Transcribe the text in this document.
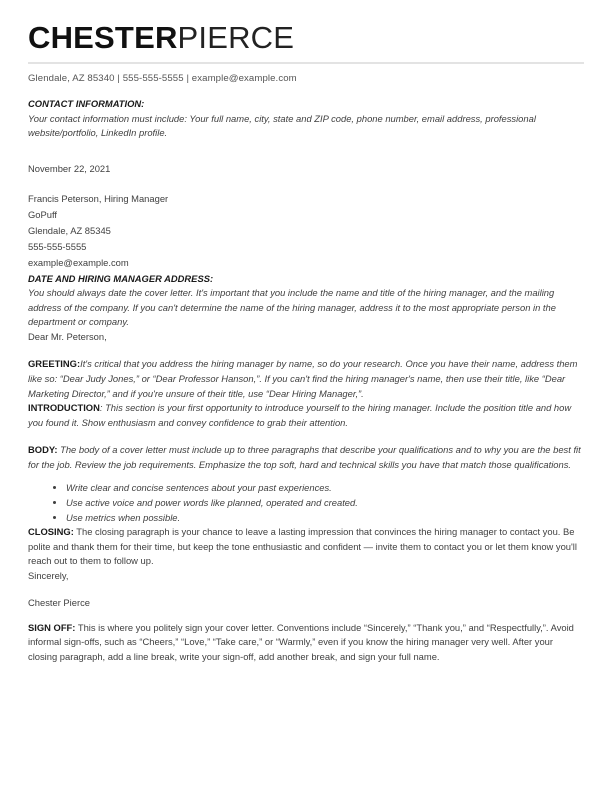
CHESTERPIERCE
Glendale, AZ 85340 | 555-555-5555 | example@example.com
CONTACT INFORMATION:
Your contact information must include: Your full name, city, state and ZIP code, phone number, email address, professional website/portfolio, LinkedIn profile.
November 22, 2021
Francis Peterson, Hiring Manager
GoPuff
Glendale, AZ 85345
555-555-5555
example@example.com
DATE AND HIRING MANAGER ADDRESS:
You should always date the cover letter. It's important that you include the name and title of the hiring manager, and the mailing address of the company. If you can't determine the name of the hiring manager, address it to the most appropriate person in the department or company.
Dear Mr. Peterson,
GREETING:It's critical that you address the hiring manager by name, so do your research. Once you have their name, address them like so: “Dear Judy Jones,” or “Dear Professor Hanson,”. If you can't find the hiring manager's name, then use their title, like “Dear Marketing Director,” and if you're unsure of their title, use “Dear Hiring Manager,”.
INTRODUCTION: This section is your first opportunity to introduce yourself to the hiring manager. Include the position title and how you found it. Show enthusiasm and convey confidence to grab their attention.
BODY: The body of a cover letter must include up to three paragraphs that describe your qualifications and to why you are the best fit for the job. Review the job requirements. Emphasize the top soft, hard and technical skills you have that match those qualifications.
• Write clear and concise sentences about your past experiences.
• Use active voice and power words like planned, operated and created.
• Use metrics when possible.
CLOSING: The closing paragraph is your chance to leave a lasting impression that convinces the hiring manager to contact you. Be polite and thank them for their time, but keep the tone enthusiastic and confident — invite them to contact you or let them know you'll reach out to them to follow up.
Sincerely,
Chester Pierce
SIGN OFF: This is where you politely sign your cover letter. Conventions include “Sincerely,” “Thank you,” and “Respectfully,”. Avoid informal sign-offs, such as “Cheers,” “Love,” “Take care,” or “Warmly,” even if you know the hiring manager very well. After your closing paragraph, add a line break, write your sign-off, add another break, and sign your full name.
